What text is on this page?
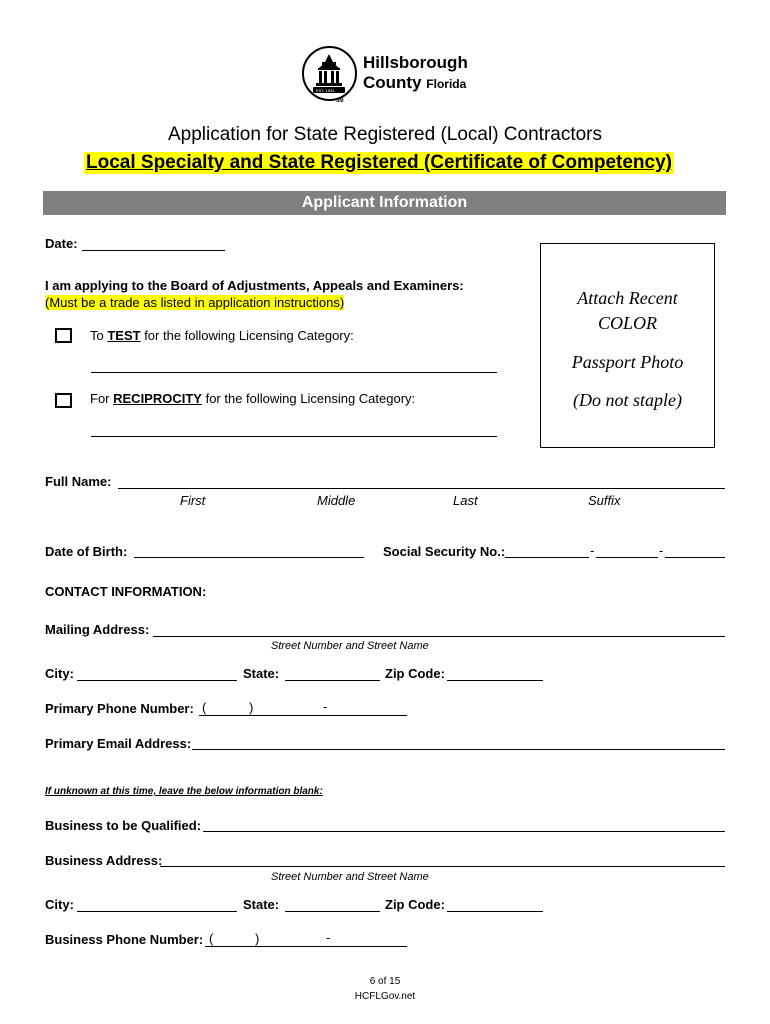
EST. 1834
Hillsborough
County Florida
SM
Application for State Registered (Local) Contractors
Local Specialty and State Registered (Certificate of Competency)
Applicant Information
Date:
I am applying to the Board of Adjustments, Appeals and Examiners:
(Must be a trade as listed in application instructions)
To TEST for the following Licensing Category:
For RECIPROCITY for the following Licensing Category:
Attach Recent
COLOR
Passport Photo
(Do not staple)
Full Name:
First	Middle	Last	Suffix
Date of Birth:	Social Security No.:	-	-
CONTACT INFORMATION:
Mailing Address:
Street Number and Street Name
City:	State:	Zip Code:
Primary Phone Number: (	)	-
Primary Email Address:
If unknown at this time, leave the below information blank:
Business to be Qualified:
Business Address:
Street Number and Street Name
City:	State:	Zip Code:
Business Phone Number: (	)	-
6 of 15
HCFLGov.net
